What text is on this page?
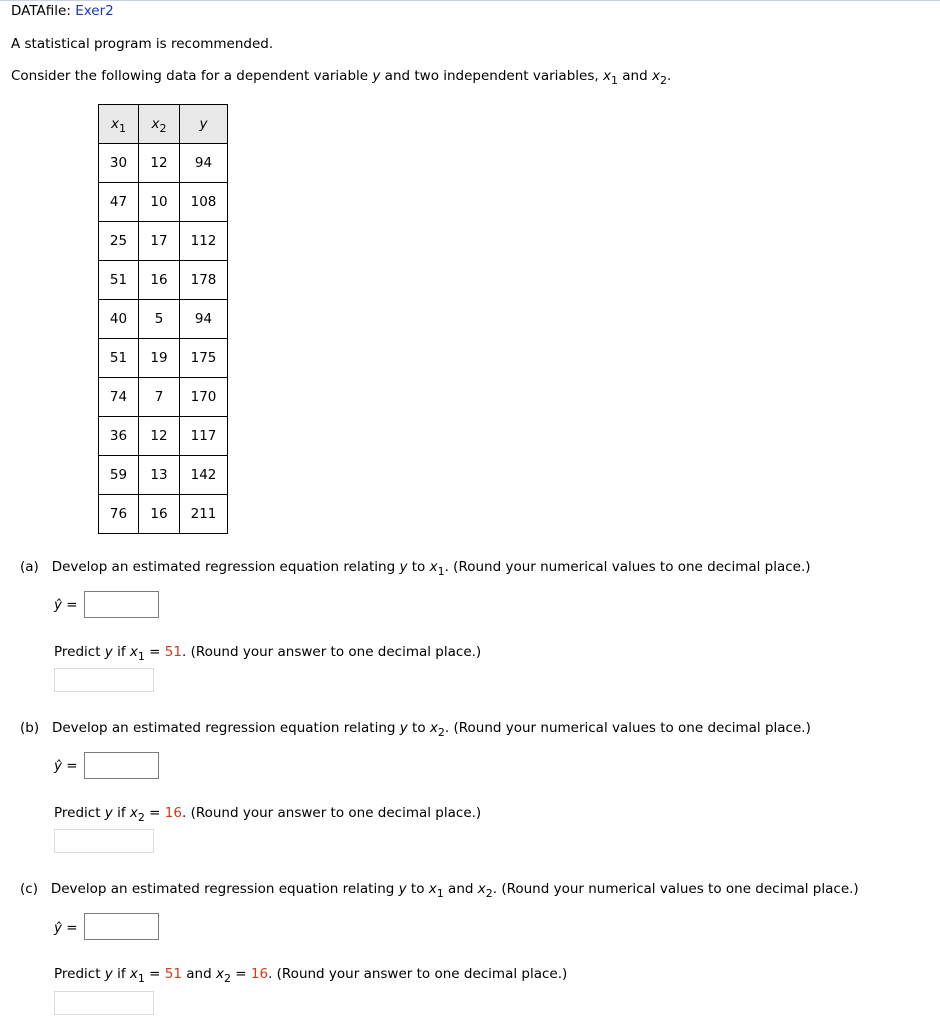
DATAfile: Exer2
A statistical program is recommended.
Consider the following data for a dependent variable y and two independent variables, $x_1$ and $x_2$.
$x_1$	$x_2$	y
30	12	94
47	10	108
25	17	112
51	16	178
40	5	94
51	19	175
74	7	170
36	12	117
59	13	142
76	16	211
(a) Develop an estimated regression equation relating y to $x_1$. (Round your numerical values to one decimal place.)
ŷ =
Predict y if $x_1 = 51$. (Round your answer to one decimal place.)
(b) Develop an estimated regression equation relating y to $x_2$. (Round your numerical values to one decimal place.)
ŷ =
Predict y if $x_2 = 16$. (Round your answer to one decimal place.)
(c) Develop an estimated regression equation relating y to $x_1$ and $x_2$. (Round your numerical values to one decimal place.)
ŷ =
Predict y if $x_1 = 51$ and $x_2 = 16$. (Round your answer to one decimal place.)
